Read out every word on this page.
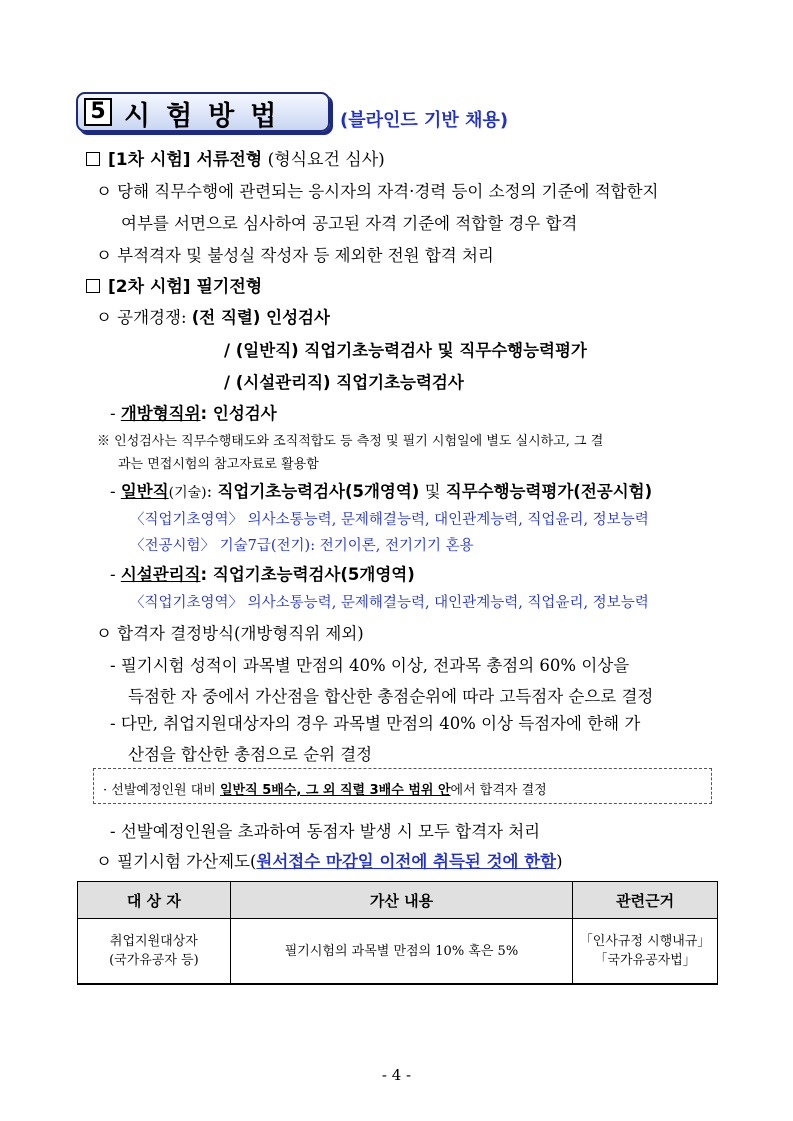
5 시험방법	(블라인드 기반 채용)
[1차 시험] 서류전형 (형식요건 심사)
ㅇ 당해 직무수행에 관련되는 응시자의 자격·경력 등이 소정의 기준에 적합한지
여부를 서면으로 심사하여 공고된 자격 기준에 적합할 경우 합격
ㅇ 부적격자 및 불성실 작성자 등 제외한 전원 합격 처리
[2차 시험] 필기전형
ㅇ 공개경쟁: (전 직렬) 인성검사
/ (일반직) 직업기초능력검사 및 직무수행능력평가
/ (시설관리직) 직업기초능력검사
- 개방형직위: 인성검사
※ 인성검사는 직무수행태도와 조직적합도 등 측정 및 필기 시험일에 별도 실시하고, 그 결
과는 면접시험의 참고자료로 활용함
- 일반직(기술): 직업기초능력검사(5개영역) 및 직무수행능력평가(전공시험)
〈직업기초영역〉 의사소통능력, 문제해결능력, 대인관계능력, 직업윤리, 정보능력
〈전공시험〉 기술7급(전기): 전기이론, 전기기기 혼용
- 시설관리직: 직업기초능력검사(5개영역)
〈직업기초영역〉 의사소통능력, 문제해결능력, 대인관계능력, 직업윤리, 정보능력
ㅇ 합격자 결정방식(개방형직위 제외)
- 필기시험 성적이 과목별 만점의 40% 이상, 전과목 총점의 60% 이상을
득점한 자 중에서 가산점을 합산한 총점순위에 따라 고득점자 순으로 결정
- 다만, 취업지원대상자의 경우 과목별 만점의 40% 이상 득점자에 한해 가
산점을 합산한 총점으로 순위 결정
· 선발예정인원 대비 일반직 5배수, 그 외 직렬 3배수 범위 안에서 합격자 결정
- 선발예정인원을 초과하여 동점자 발생 시 모두 합격자 처리
ㅇ 필기시험 가산제도(원서접수 마감일 이전에 취득된 것에 한함)
대 상 자	가산 내용	관련근거
취업지원대상자
(국가유공자 등)	필기시험의 과목별 만점의 10% 혹은 5%	「인사규정 시행내규」
「국가유공자법」
- 4 -
